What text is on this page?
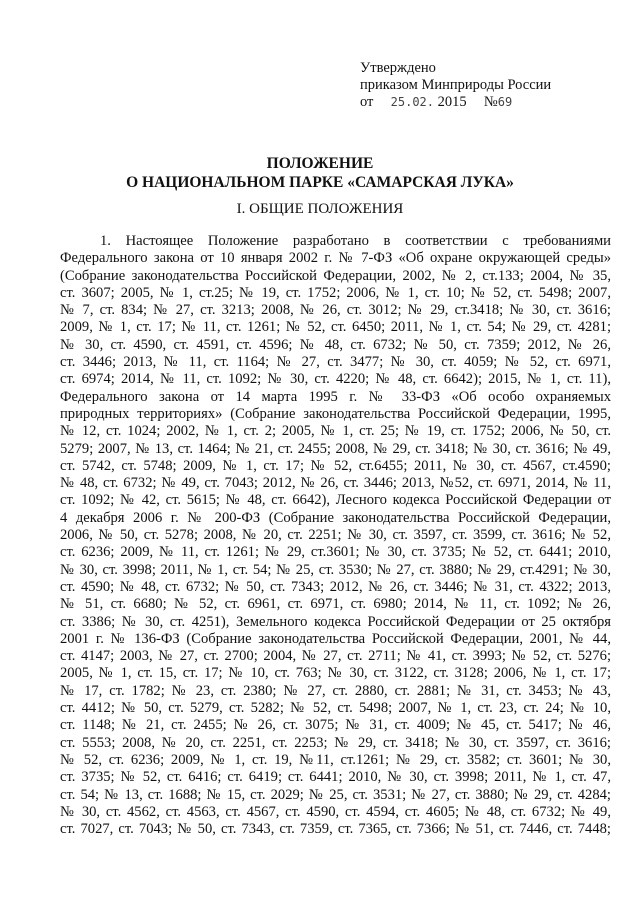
Утверждено
приказом Минприроды России
от 25.02. 2015 №69
ПОЛОЖЕНИЕ
О НАЦИОНАЛЬНОМ ПАРКЕ «САМАРСКАЯ ЛУКА»
I. ОБЩИЕ ПОЛОЖЕНИЯ
1. Настоящее Положение разработано в соответствии с требованиями
Федерального закона от 10 января 2002 г. № 7-ФЗ «Об охране окружающей среды»
(Собрание законодательства Российской Федерации, 2002, № 2, ст.133; 2004, № 35,
ст. 3607; 2005, № 1, ст.25; № 19, ст. 1752; 2006, № 1, ст. 10; № 52, ст. 5498; 2007,
№ 7, ст. 834; № 27, ст. 3213; 2008, № 26, ст. 3012; № 29, ст.3418; № 30, ст. 3616;
2009, № 1, ст. 17; № 11, ст. 1261; № 52, ст. 6450; 2011, № 1, ст. 54; № 29, ст. 4281;
№ 30, ст. 4590, ст. 4591, ст. 4596; № 48, ст. 6732; № 50, ст. 7359; 2012, № 26,
ст. 3446; 2013, № 11, ст. 1164; № 27, ст. 3477; № 30, ст. 4059; № 52, ст. 6971,
ст. 6974; 2014, № 11, ст. 1092; № 30, ст. 4220; № 48, ст. 6642); 2015, № 1, ст. 11),
Федерального закона от 14 марта 1995 г. № 33-ФЗ «Об особо охраняемых
природных территориях» (Собрание законодательства Российской Федерации, 1995,
№ 12, ст. 1024; 2002, № 1, ст. 2; 2005, № 1, ст. 25; № 19, ст. 1752; 2006, № 50, ст.
5279; 2007, № 13, ст. 1464; № 21, ст. 2455; 2008, № 29, ст. 3418; № 30, ст. 3616; № 49,
ст. 5742, ст. 5748; 2009, № 1, ст. 17; № 52, ст.6455; 2011, № 30, ст. 4567, ст.4590;
№ 48, ст. 6732; № 49, ст. 7043; 2012, № 26, ст. 3446; 2013, №52, ст. 6971, 2014, № 11,
ст. 1092; № 42, ст. 5615; № 48, ст. 6642), Лесного кодекса Российской Федерации от
4 декабря 2006 г. № 200-ФЗ (Собрание законодательства Российской Федерации,
2006, № 50, ст. 5278; 2008, № 20, ст. 2251; № 30, ст. 3597, ст. 3599, ст. 3616; № 52,
ст. 6236; 2009, № 11, ст. 1261; № 29, ст.3601; № 30, ст. 3735; № 52, ст. 6441; 2010,
№ 30, ст. 3998; 2011, № 1, ст. 54; № 25, ст. 3530; № 27, ст. 3880; № 29, ст.4291; № 30,
ст. 4590; № 48, ст. 6732; № 50, ст. 7343; 2012, № 26, ст. 3446; № 31, ст. 4322; 2013,
№ 51, ст. 6680; № 52, ст. 6961, ст. 6971, ст. 6980; 2014, № 11, ст. 1092; № 26,
ст. 3386; № 30, ст. 4251), Земельного кодекса Российской Федерации от 25 октября
2001 г. № 136-ФЗ (Собрание законодательства Российской Федерации, 2001, № 44,
ст. 4147; 2003, № 27, ст. 2700; 2004, № 27, ст. 2711; № 41, ст. 3993; № 52, ст. 5276;
2005, № 1, ст. 15, ст. 17; № 10, ст. 763; № 30, ст. 3122, ст. 3128; 2006, № 1, ст. 17;
№ 17, ст. 1782; № 23, ст. 2380; № 27, ст. 2880, ст. 2881; № 31, ст. 3453; № 43,
ст. 4412; № 50, ст. 5279, ст. 5282; № 52, ст. 5498; 2007, № 1, ст. 23, ст. 24; № 10,
ст. 1148; № 21, ст. 2455; № 26, ст. 3075; № 31, ст. 4009; № 45, ст. 5417; № 46,
ст. 5553; 2008, № 20, ст. 2251, ст. 2253; № 29, ст. 3418; № 30, ст. 3597, ст. 3616;
№ 52, ст. 6236; 2009, № 1, ст. 19, №11, ст.1261; № 29, ст. 3582; ст. 3601; № 30,
ст. 3735; № 52, ст. 6416; ст. 6419; ст. 6441; 2010, № 30, ст. 3998; 2011, № 1, ст. 47,
ст. 54; № 13, ст. 1688; № 15, ст. 2029; № 25, ст. 3531; № 27, ст. 3880; № 29, ст. 4284;
№ 30, ст. 4562, ст. 4563, ст. 4567, ст. 4590, ст. 4594, ст. 4605; № 48, ст. 6732; № 49,
ст. 7027, ст. 7043; № 50, ст. 7343, ст. 7359, ст. 7365, ст. 7366; № 51, ст. 7446, ст. 7448;
